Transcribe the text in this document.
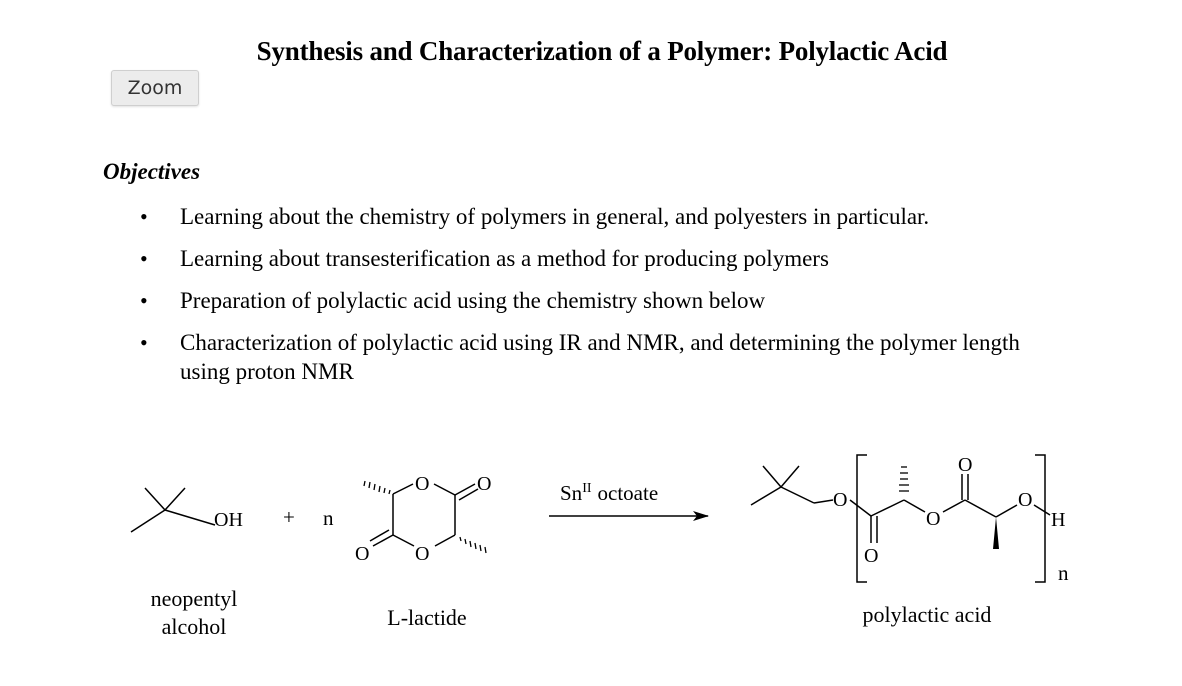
Synthesis and Characterization of a Polymer: Polylactic Acid
Zoom
Objectives
• Learning about the chemistry of polymers in general, and polyesters in particular.
• Learning about transesterification as a method for producing polymers
• Preparation of polylactic acid using the chemistry shown below
• Characterization of polylactic acid using IR and NMR, and determining the polymer length
using proton NMR
OH + n
O
O
O
O
$Sn^{II}$ octoate	O
O
O
O
O
H
n
neopentyl
alcohol	L-lactide	polylactic acid
